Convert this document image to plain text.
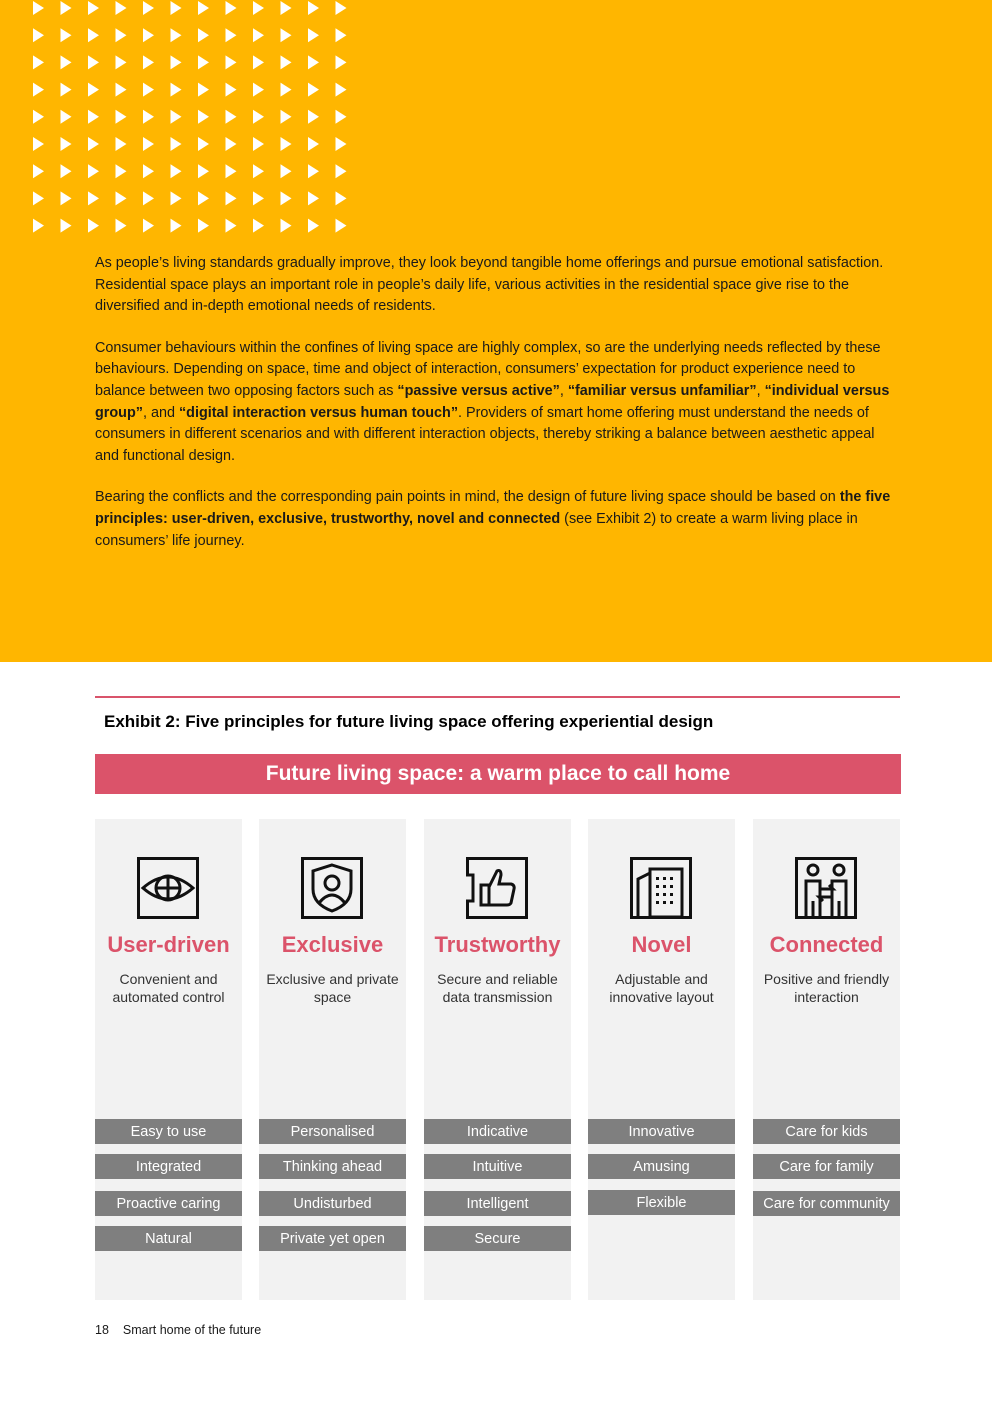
As people’s living standards gradually improve, they look beyond tangible home offerings and pursue emotional satisfaction. Residential space plays an important role in people’s daily life, various activities in the residential space give rise to the diversified and in-depth emotional needs of residents.

Consumer behaviours within the confines of living space are highly complex, so are the underlying needs reflected by these behaviours. Depending on space, time and object of interaction, consumers’ expectation for product experience need to balance between two opposing factors such as “passive versus active”, “familiar versus unfamiliar”, “individual versus group”, and “digital interaction versus human touch”. Providers of smart home offering must understand the needs of consumers in different scenarios and with different interaction objects, thereby striking a balance between aesthetic appeal and functional design.

Bearing the conflicts and the corresponding pain points in mind, the design of future living space should be based on the five principles: user-driven, exclusive, trustworthy, novel and connected (see Exhibit 2) to create a warm living place in consumers’ life journey.

Exhibit 2: Five principles for future living space offering experiential design
Future living space: a warm place to call home
User-driven
Convenient and automated control
Easy to use
Integrated
Proactive caring
Natural
Exclusive
Exclusive and private space
Personalised
Thinking ahead
Undisturbed
Private yet open
Trustworthy
Secure and reliable data transmission
Indicative
Intuitive
Intelligent
Secure
Novel
Adjustable and innovative layout
Innovative
Amusing
Flexible
Connected
Positive and friendly interaction
Care for kids
Care for family
Care for community
18 Smart home of the future
